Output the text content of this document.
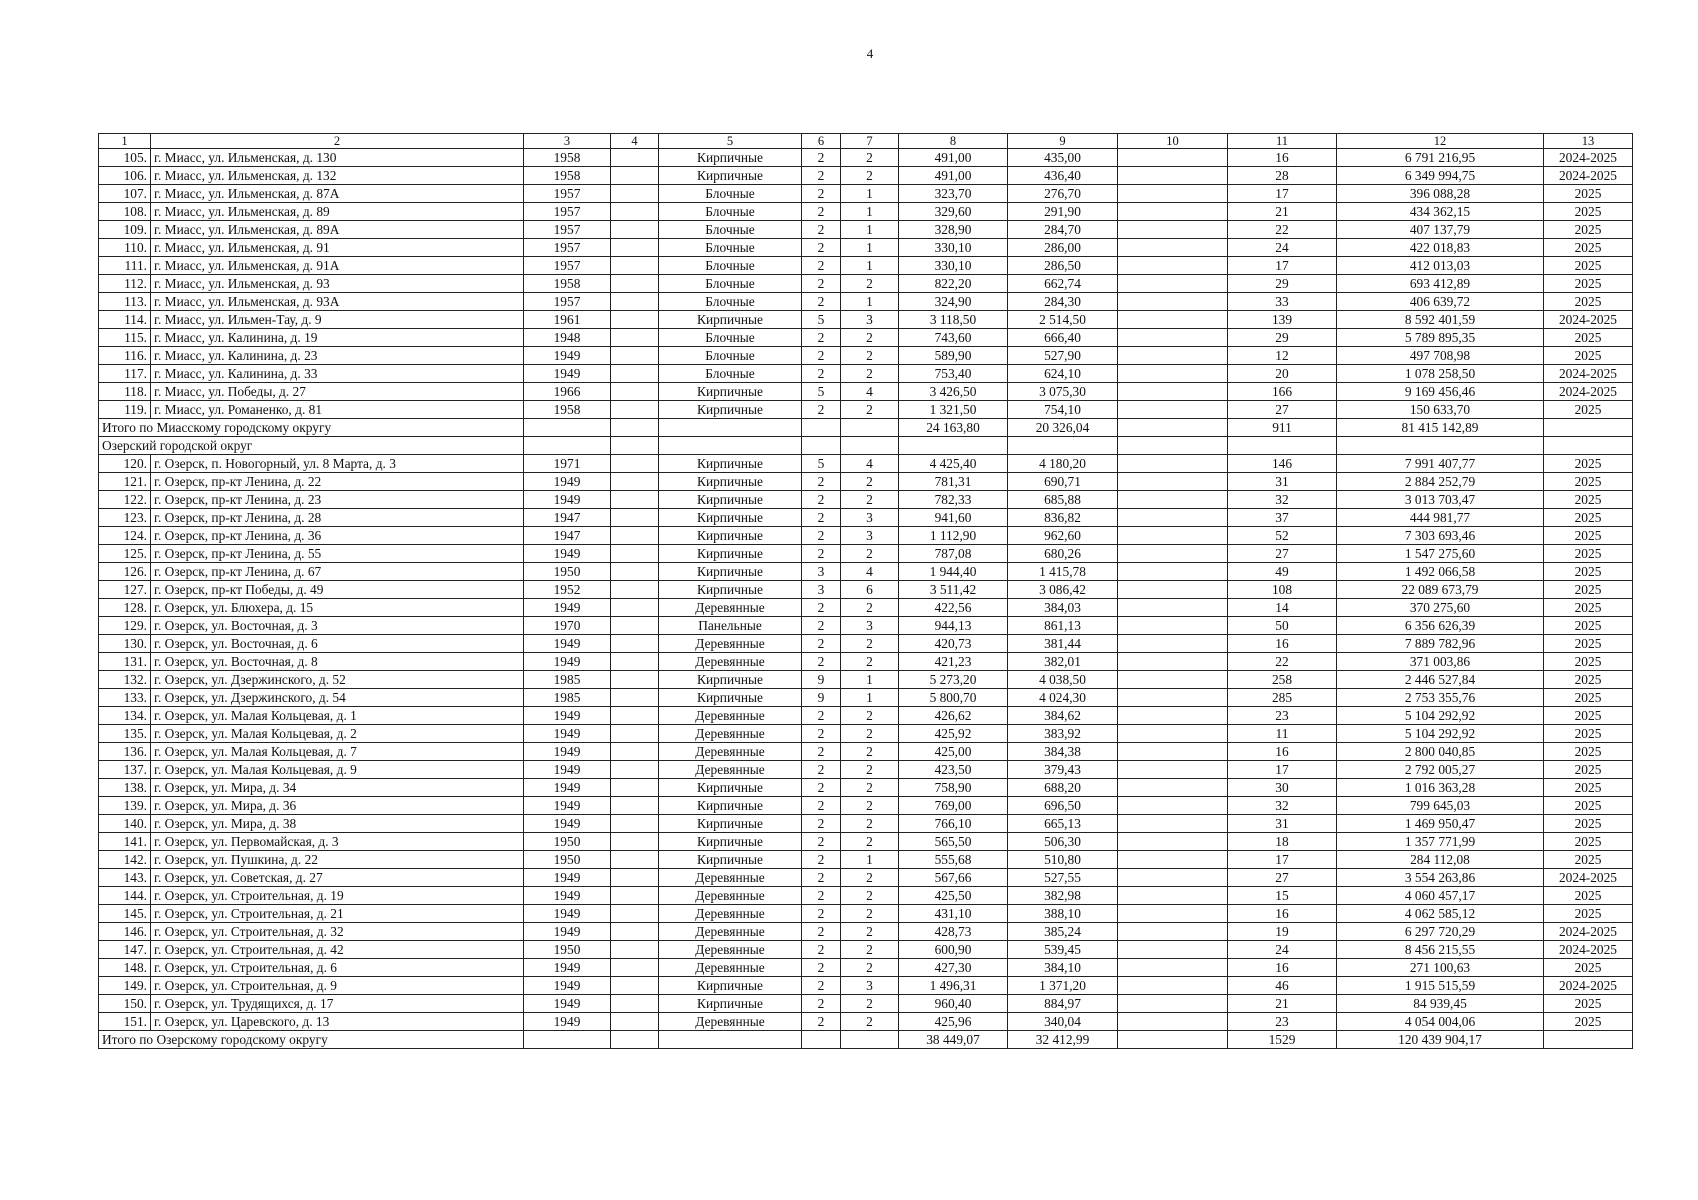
4
1	2	3	4	5	6	7	8	9	10	11	12	13
105.	г. Миасс, ул. Ильменская, д. 130	1958		Кирпичные	2	2	491,00	435,00		16	6 791 216,95	2024-2025
106.	г. Миасс, ул. Ильменская, д. 132	1958		Кирпичные	2	2	491,00	436,40		28	6 349 994,75	2024-2025
107.	г. Миасс, ул. Ильменская, д. 87А	1957		Блочные	2	1	323,70	276,70		17	396 088,28	2025
108.	г. Миасс, ул. Ильменская, д. 89	1957		Блочные	2	1	329,60	291,90		21	434 362,15	2025
109.	г. Миасс, ул. Ильменская, д. 89А	1957		Блочные	2	1	328,90	284,70		22	407 137,79	2025
110.	г. Миасс, ул. Ильменская, д. 91	1957		Блочные	2	1	330,10	286,00		24	422 018,83	2025
111.	г. Миасс, ул. Ильменская, д. 91А	1957		Блочные	2	1	330,10	286,50		17	412 013,03	2025
112.	г. Миасс, ул. Ильменская, д. 93	1958		Блочные	2	2	822,20	662,74		29	693 412,89	2025
113.	г. Миасс, ул. Ильменская, д. 93А	1957		Блочные	2	1	324,90	284,30		33	406 639,72	2025
114.	г. Миасс, ул. Ильмен-Тау, д. 9	1961		Кирпичные	5	3	3 118,50	2 514,50		139	8 592 401,59	2024-2025
115.	г. Миасс, ул. Калинина, д. 19	1948		Блочные	2	2	743,60	666,40		29	5 789 895,35	2025
116.	г. Миасс, ул. Калинина, д. 23	1949		Блочные	2	2	589,90	527,90		12	497 708,98	2025
117.	г. Миасс, ул. Калинина, д. 33	1949		Блочные	2	2	753,40	624,10		20	1 078 258,50	2024-2025
118.	г. Миасс, ул. Победы, д. 27	1966		Кирпичные	5	4	3 426,50	3 075,30		166	9 169 456,46	2024-2025
119.	г. Миасс, ул. Романенко, д. 81	1958		Кирпичные	2	2	1 321,50	754,10		27	150 633,70	2025
Итого по Миасскому городскому округу							24 163,80	20 326,04		911	81 415 142,89	
Озерский городской округ												
120.	г. Озерск, п. Новогорный, ул. 8 Марта, д. 3	1971		Кирпичные	5	4	4 425,40	4 180,20		146	7 991 407,77	2025
121.	г. Озерск, пр-кт Ленина, д. 22	1949		Кирпичные	2	2	781,31	690,71		31	2 884 252,79	2025
122.	г. Озерск, пр-кт Ленина, д. 23	1949		Кирпичные	2	2	782,33	685,88		32	3 013 703,47	2025
123.	г. Озерск, пр-кт Ленина, д. 28	1947		Кирпичные	2	3	941,60	836,82		37	444 981,77	2025
124.	г. Озерск, пр-кт Ленина, д. 36	1947		Кирпичные	2	3	1 112,90	962,60		52	7 303 693,46	2025
125.	г. Озерск, пр-кт Ленина, д. 55	1949		Кирпичные	2	2	787,08	680,26		27	1 547 275,60	2025
126.	г. Озерск, пр-кт Ленина, д. 67	1950		Кирпичные	3	4	1 944,40	1 415,78		49	1 492 066,58	2025
127.	г. Озерск, пр-кт Победы, д. 49	1952		Кирпичные	3	6	3 511,42	3 086,42		108	22 089 673,79	2025
128.	г. Озерск, ул. Блюхера, д. 15	1949		Деревянные	2	2	422,56	384,03		14	370 275,60	2025
129.	г. Озерск, ул. Восточная, д. 3	1970		Панельные	2	3	944,13	861,13		50	6 356 626,39	2025
130.	г. Озерск, ул. Восточная, д. 6	1949		Деревянные	2	2	420,73	381,44		16	7 889 782,96	2025
131.	г. Озерск, ул. Восточная, д. 8	1949		Деревянные	2	2	421,23	382,01		22	371 003,86	2025
132.	г. Озерск, ул. Дзержинского, д. 52	1985		Кирпичные	9	1	5 273,20	4 038,50		258	2 446 527,84	2025
133.	г. Озерск, ул. Дзержинского, д. 54	1985		Кирпичные	9	1	5 800,70	4 024,30		285	2 753 355,76	2025
134.	г. Озерск, ул. Малая Кольцевая, д. 1	1949		Деревянные	2	2	426,62	384,62		23	5 104 292,92	2025
135.	г. Озерск, ул. Малая Кольцевая, д. 2	1949		Деревянные	2	2	425,92	383,92		11	5 104 292,92	2025
136.	г. Озерск, ул. Малая Кольцевая, д. 7	1949		Деревянные	2	2	425,00	384,38		16	2 800 040,85	2025
137.	г. Озерск, ул. Малая Кольцевая, д. 9	1949		Деревянные	2	2	423,50	379,43		17	2 792 005,27	2025
138.	г. Озерск, ул. Мира, д. 34	1949		Кирпичные	2	2	758,90	688,20		30	1 016 363,28	2025
139.	г. Озерск, ул. Мира, д. 36	1949		Кирпичные	2	2	769,00	696,50		32	799 645,03	2025
140.	г. Озерск, ул. Мира, д. 38	1949		Кирпичные	2	2	766,10	665,13		31	1 469 950,47	2025
141.	г. Озерск, ул. Первомайская, д. 3	1950		Кирпичные	2	2	565,50	506,30		18	1 357 771,99	2025
142.	г. Озерск, ул. Пушкина, д. 22	1950		Кирпичные	2	1	555,68	510,80		17	284 112,08	2025
143.	г. Озерск, ул. Советская, д. 27	1949		Деревянные	2	2	567,66	527,55		27	3 554 263,86	2024-2025
144.	г. Озерск, ул. Строительная, д. 19	1949		Деревянные	2	2	425,50	382,98		15	4 060 457,17	2025
145.	г. Озерск, ул. Строительная, д. 21	1949		Деревянные	2	2	431,10	388,10		16	4 062 585,12	2025
146.	г. Озерск, ул. Строительная, д. 32	1949		Деревянные	2	2	428,73	385,24		19	6 297 720,29	2024-2025
147.	г. Озерск, ул. Строительная, д. 42	1950		Деревянные	2	2	600,90	539,45		24	8 456 215,55	2024-2025
148.	г. Озерск, ул. Строительная, д. 6	1949		Деревянные	2	2	427,30	384,10		16	271 100,63	2025
149.	г. Озерск, ул. Строительная, д. 9	1949		Кирпичные	2	3	1 496,31	1 371,20		46	1 915 515,59	2024-2025
150.	г. Озерск, ул. Трудящихся, д. 17	1949		Кирпичные	2	2	960,40	884,97		21	84 939,45	2025
151.	г. Озерск, ул. Царевского, д. 13	1949		Деревянные	2	2	425,96	340,04		23	4 054 004,06	2025
Итого по Озерскому городскому округу							38 449,07	32 412,99		1529	120 439 904,17	
